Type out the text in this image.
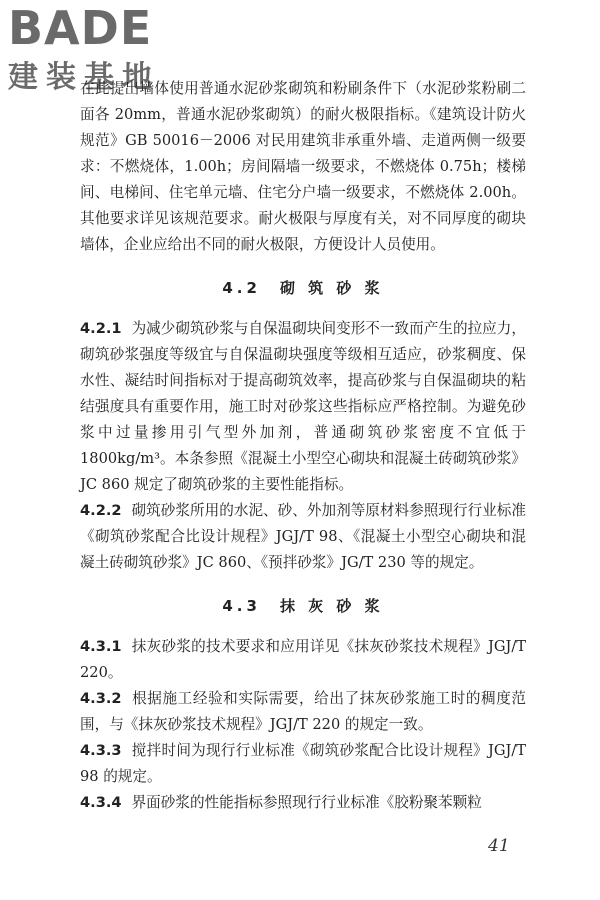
BADE
建装基地

在此提出墙体使用普通水泥砂浆砌筑和粉刷条件下（水泥砂浆粉刷二面各 20mm，普通水泥砂浆砌筑）的耐火极限指标。《建筑设计防火规范》GB 50016－2006 对民用建筑非承重外墙、走道两侧一级要求：不燃烧体，1.00h；房间隔墙一级要求，不燃烧体 0.75h；楼梯间、电梯间、住宅单元墙、住宅分户墙一级要求，不燃烧体 2.00h。其他要求详见该规范要求。耐火极限与厚度有关，对不同厚度的砌块墙体，企业应给出不同的耐火极限，方便设计人员使用。

4.2　砌 筑 砂 浆

4.2.1 为减少砌筑砂浆与自保温砌块间变形不一致而产生的拉应力，砌筑砂浆强度等级宜与自保温砌块强度等级相互适应，砂浆稠度、保水性、凝结时间指标对于提高砌筑效率，提高砂浆与自保温砌块的粘结强度具有重要作用，施工时对砂浆这些指标应严格控制。为避免砂浆中过量掺用引气型外加剂，普通砌筑砂浆密度不宜低于 1800kg/m³。本条参照《混凝土小型空心砌块和混凝土砖砌筑砂浆》JC 860 规定了砌筑砂浆的主要性能指标。

4.2.2 砌筑砂浆所用的水泥、砂、外加剂等原材料参照现行行业标准《砌筑砂浆配合比设计规程》JGJ/T 98、《混凝土小型空心砌块和混凝土砖砌筑砂浆》JC 860、《预拌砂浆》JG/T 230 等的规定。

4.3　抹 灰 砂 浆

4.3.1 抹灰砂浆的技术要求和应用详见《抹灰砂浆技术规程》JGJ/T 220。

4.3.2 根据施工经验和实际需要，给出了抹灰砂浆施工时的稠度范围，与《抹灰砂浆技术规程》JGJ/T 220 的规定一致。

4.3.3 搅拌时间为现行行业标准《砌筑砂浆配合比设计规程》JGJ/T 98 的规定。

4.3.4 界面砂浆的性能指标参照现行行业标准《胶粉聚苯颗粒

41
